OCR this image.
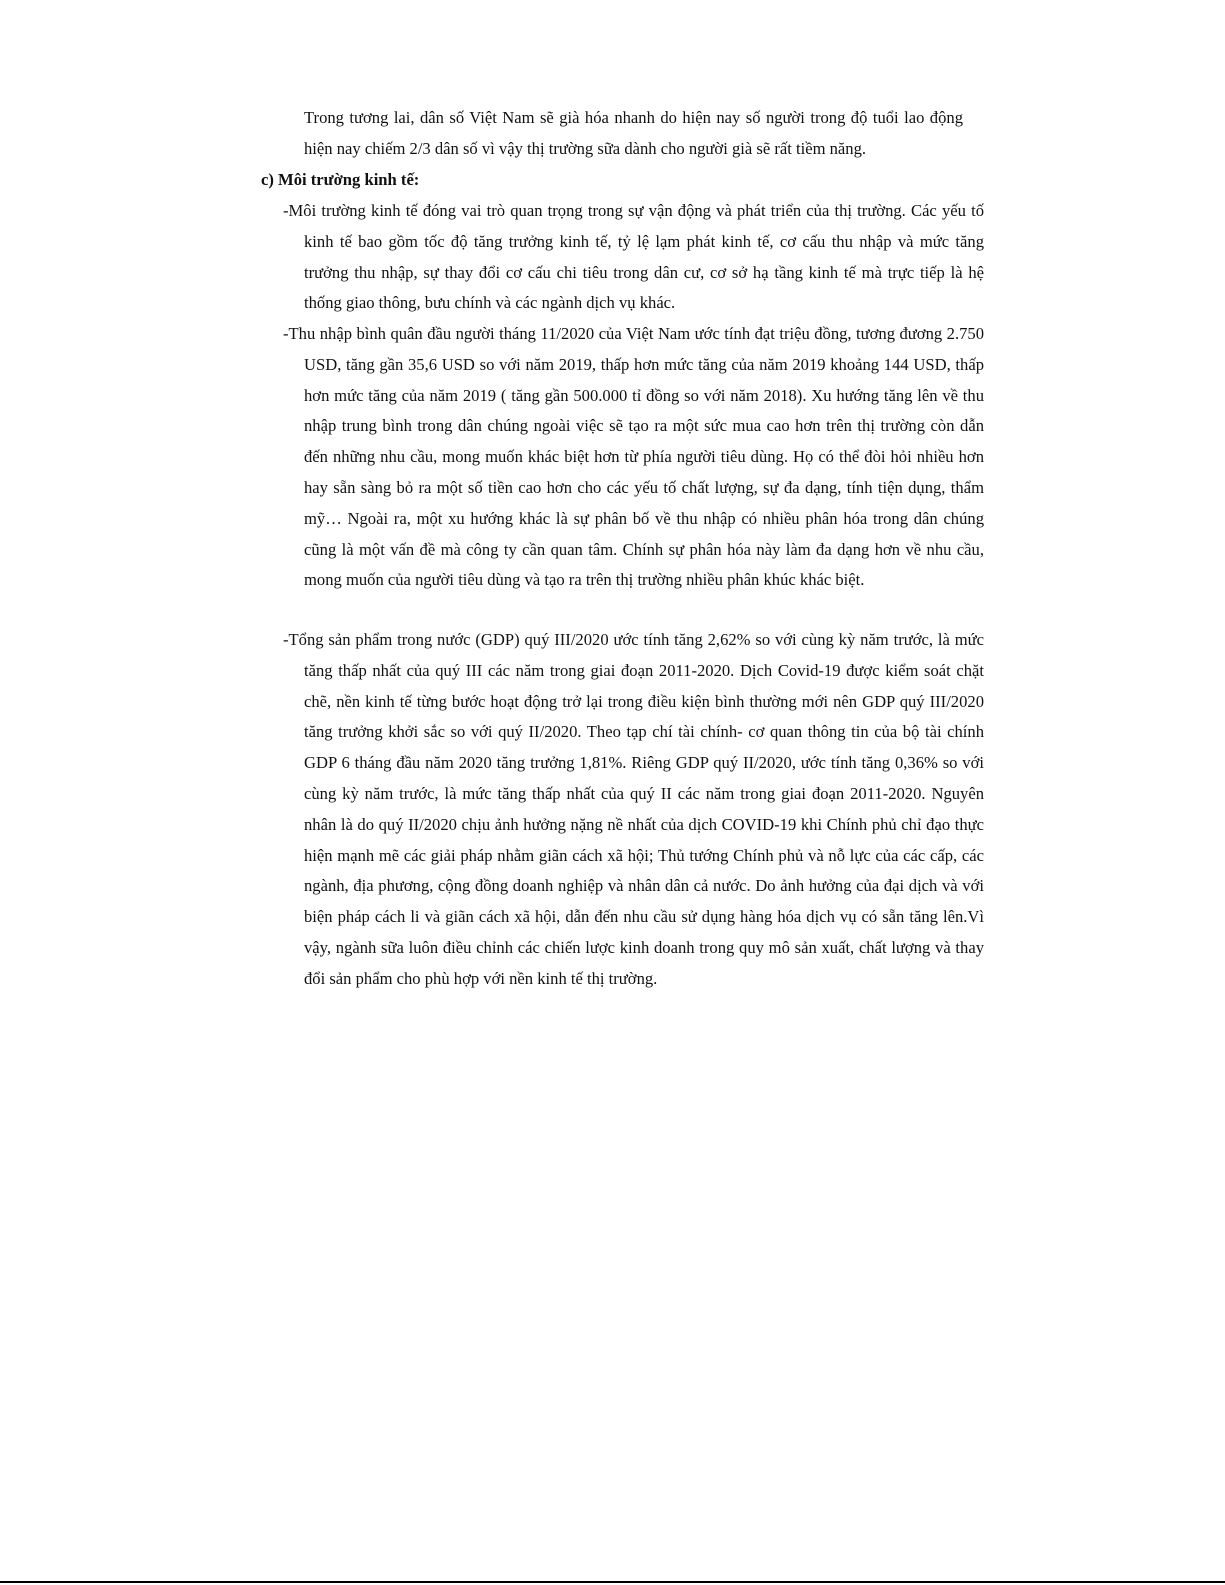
Trong tương lai, dân số Việt Nam sẽ già hóa nhanh do hiện nay số người trong độ tuổi lao động hiện nay chiếm 2/3 dân số vì vậy thị trường sữa dành cho người già sẽ rất tiềm năng.

c) Môi trường kinh tế:

-Môi trường kinh tế đóng vai trò quan trọng trong sự vận động và phát triển của thị trường. Các yếu tố kinh tế bao gồm tốc độ tăng trưởng kinh tế, tỷ lệ lạm phát kinh tế, cơ cấu thu nhập và mức tăng trưởng thu nhập, sự thay đổi cơ cấu chi tiêu trong dân cư, cơ sở hạ tầng kinh tế mà trực tiếp là hệ thống giao thông, bưu chính và các ngành dịch vụ khác.

-Thu nhập bình quân đầu người tháng 11/2020 của Việt Nam ước tính đạt triệu đồng, tương đương 2.750 USD, tăng gần 35,6 USD so với năm 2019, thấp hơn mức tăng của năm 2019 khoảng 144 USD, thấp hơn mức tăng của năm 2019 ( tăng gần 500.000 tỉ đồng so với năm 2018). Xu hướng tăng lên về thu nhập trung bình trong dân chúng ngoài việc sẽ tạo ra một sức mua cao hơn trên thị trường còn dẫn đến những nhu cầu, mong muốn khác biệt hơn từ phía người tiêu dùng. Họ có thể đòi hỏi nhiều hơn hay sẵn sàng bỏ ra một số tiền cao hơn cho các yếu tố chất lượng, sự đa dạng, tính tiện dụng, thẩm mỹ… Ngoài ra, một xu hướng khác là sự phân bố về thu nhập có nhiều phân hóa trong dân chúng cũng là một vấn đề mà công ty cần quan tâm. Chính sự phân hóa này làm đa dạng hơn về nhu cầu, mong muốn của người tiêu dùng và tạo ra trên thị trường nhiều phân khúc khác biệt.

-Tổng sản phẩm trong nước (GDP) quý III/2020 ước tính tăng 2,62% so với cùng kỳ năm trước, là mức tăng thấp nhất của quý III các năm trong giai đoạn 2011-2020. Dịch Covid-19 được kiểm soát chặt chẽ, nền kinh tế từng bước hoạt động trở lại trong điều kiện bình thường mới nên GDP quý III/2020 tăng trưởng khởi sắc so với quý II/2020. Theo tạp chí tài chính- cơ quan thông tin của bộ tài chính GDP 6 tháng đầu năm 2020 tăng trưởng 1,81%. Riêng GDP quý II/2020, ước tính tăng 0,36% so với cùng kỳ năm trước, là mức tăng thấp nhất của quý II các năm trong giai đoạn 2011-2020. Nguyên nhân là do quý II/2020 chịu ảnh hưởng nặng nề nhất của dịch COVID-19 khi Chính phủ chỉ đạo thực hiện mạnh mẽ các giải pháp nhằm giãn cách xã hội; Thủ tướng Chính phủ và nỗ lực của các cấp, các ngành, địa phương, cộng đồng doanh nghiệp và nhân dân cả nước. Do ảnh hưởng của đại dịch và với biện pháp cách li và giãn cách xã hội, dẫn đến nhu cầu sử dụng hàng hóa dịch vụ có sẵn tăng lên.Vì vậy, ngành sữa luôn điều chỉnh các chiến lược kinh doanh trong quy mô sản xuất, chất lượng và thay đổi sản phẩm cho phù hợp với nền kinh tế thị trường.
